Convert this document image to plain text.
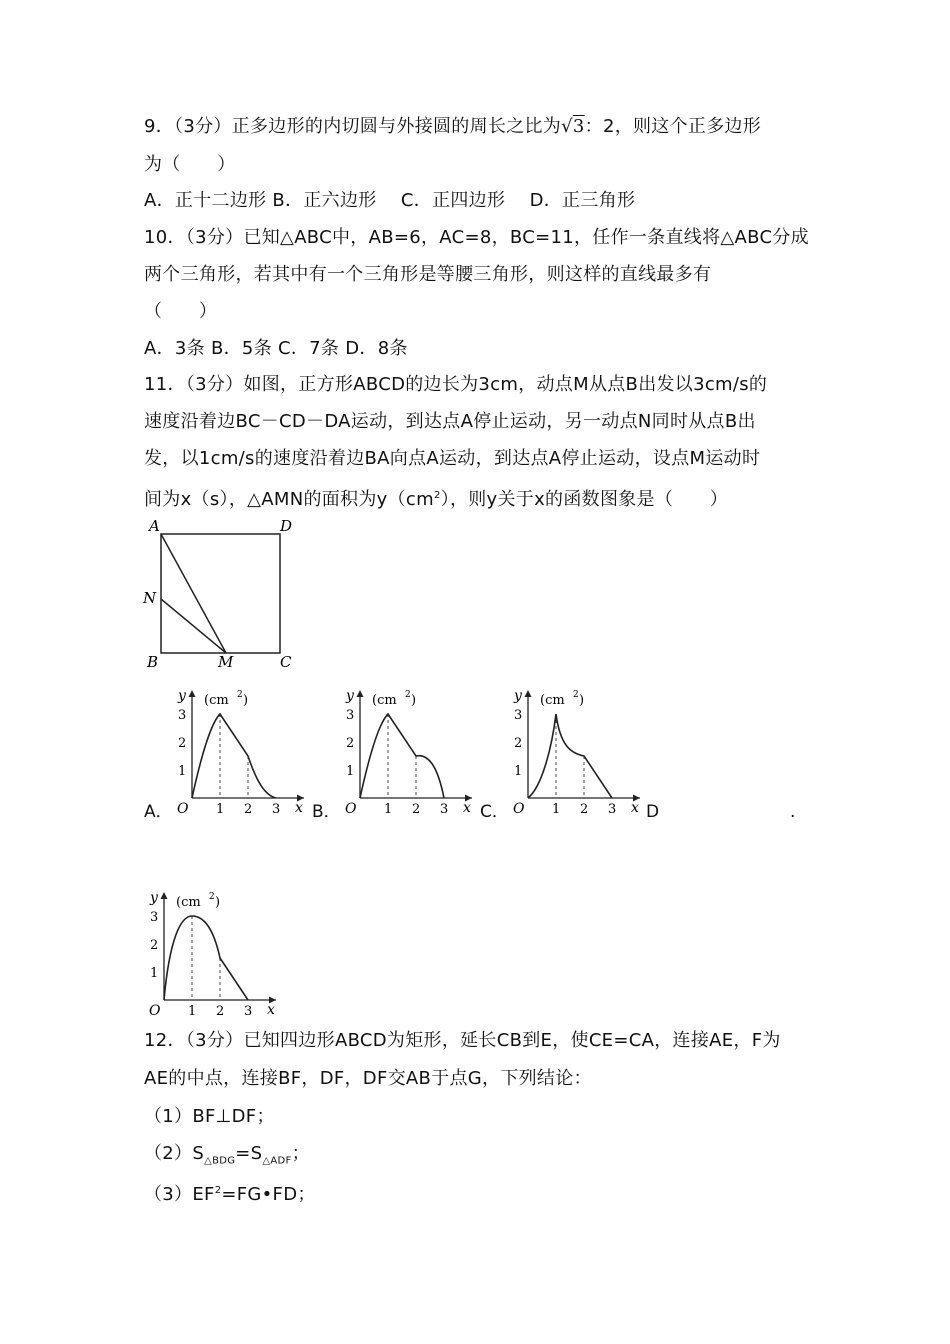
9．（3分）正多边形的内切圆与外接圆的周长之比为√3：2，则这个正多边形
为（　　）
A．正十二边形 B．正六边形　 C．正四边形　 D．正三角形
10．（3分）已知△ABC中，AB=6，AC=8，BC=11，任作一条直线将△ABC分成
两个三角形，若其中有一个三角形是等腰三角形，则这样的直线最多有
（　　）
A．3条 B．5条 C．7条 D．8条
11．（3分）如图，正方形ABCD的边长为3cm，动点M从点B出发以3cm/s的
速度沿着边BC－CD－DA运动，到达点A停止运动，另一动点N同时从点B出
发，以1cm/s的速度沿着边BA向点A运动，到达点A停止运动，设点M运动时
间为x（s），△AMN的面积为$y(cm^2)$，则y关于x的函数图象是（　　）
A	D
N
B	M	C
A．	B．	C．	D	.
y (cm 2 )
x
O 1 2 3
1
2
3
y (cm 2 )
x
O 1 2 3
1
2
3
y (cm 2 )
x
O 1 2 3
1
2
3
y (cm 2 )
x
O 1 2 3
1
2
3
12．（3分）已知四边形ABCD为矩形，延长CB到E，使CE=CA，连接AE，F为
AE的中点，连接BF，DF，DF交AB于点G，下列结论：
（1）BF⊥DF；
$(2)S_{\triangle BDG}=S_{\triangle ADF}$；
$(3)EF^2=FG•FD$；
